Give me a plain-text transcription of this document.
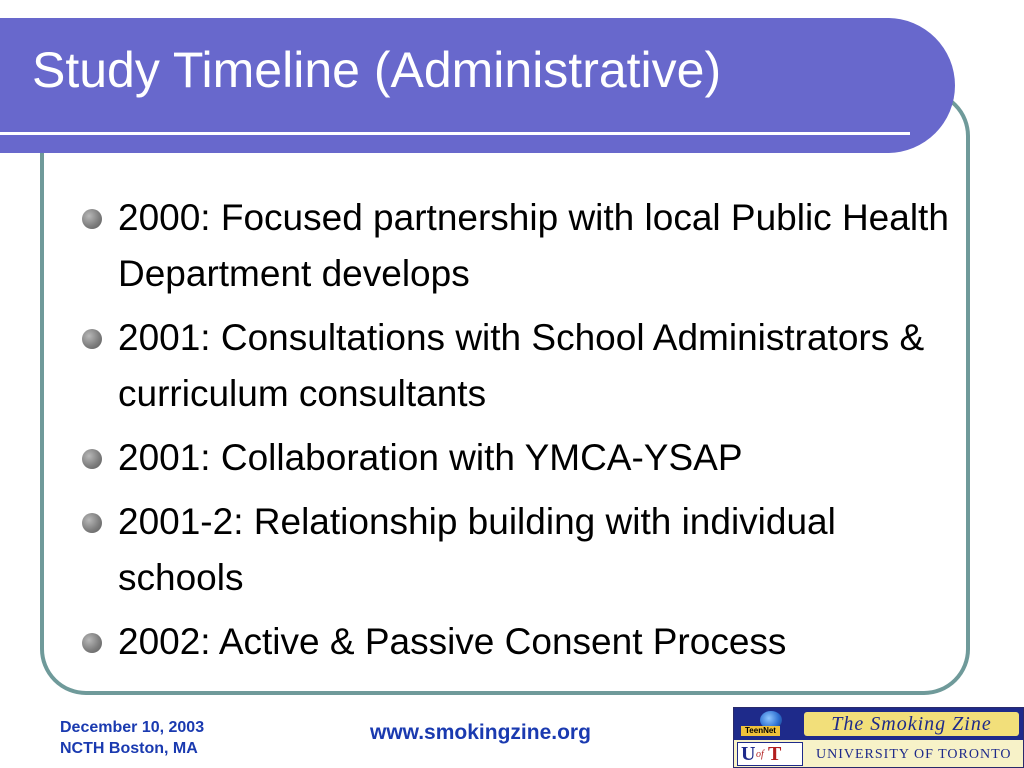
Study Timeline (Administrative)
2000: Focused partnership with local Public Health Department develops
2001: Consultations with School Administrators & curriculum consultants
2001: Collaboration with YMCA-YSAP
2001-2: Relationship building with individual schools
2002: Active & Passive Consent Process
December 10, 2003
NCTH Boston, MA
www.smokingzine.org	TeenNet	The Smoking Zine
U of T UNIVERSITY OF TORONTO
